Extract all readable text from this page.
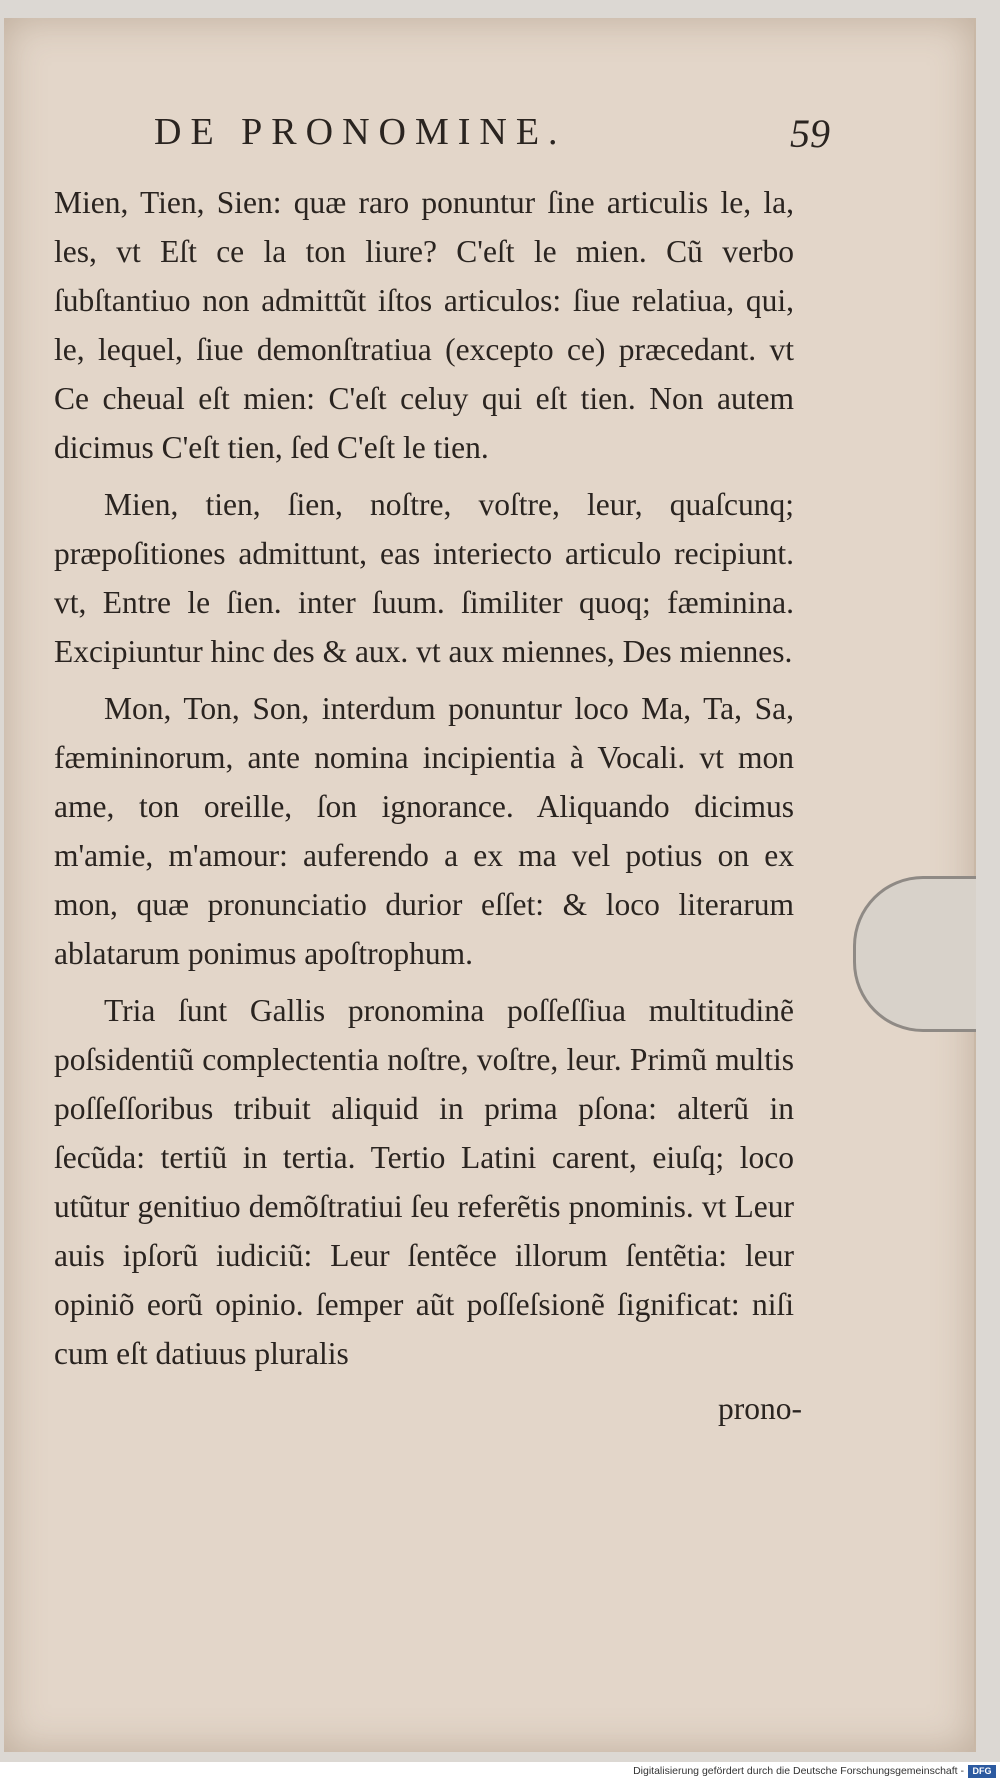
DE PRONOMINE.	59

Mien, Tien, Sien: quæ raro ponuntur ſine articulis le, la, les, vt Eſt ce la ton liure? C'eſt le mien. Cũ verbo ſubſtantiuo non admittũt iſtos articulos: ſiue relatiua, qui, le, lequel, ſiue demonſtratiua (excepto ce) præcedant. vt Ce cheual eſt mien: C'eſt celuy qui eſt tien. Non autem dicimus C'eſt tien, ſed C'eſt le tien.

Mien, tien, ſien, noſtre, voſtre, leur, quaſcunq; præpoſitiones admittunt, eas interiecto articulo recipiunt. vt, Entre le ſien. inter ſuum. ſimiliter quoq; fæminina. Excipiuntur hinc des & aux. vt aux miennes, Des miennes.

Mon, Ton, Son, interdum ponuntur loco Ma, Ta, Sa, fæmininorum, ante nomina incipientia à Vocali. vt mon ame, ton oreille, ſon ignorance. Aliquando dicimus m'amie, m'amour: auferendo a ex ma vel potius on ex mon, quæ pronunciatio durior eſſet: & loco literarum ablatarum ponimus apoſtrophum.

Tria ſunt Gallis pronomina poſſeſſiua multitudinẽ poſsidentiũ complectentia noſtre, voſtre, leur. Primũ multis poſſeſſoribus tribuit aliquid in prima pſona: alterũ in ſecũda: tertiũ in tertia. Tertio Latini carent, eiuſq; loco utũtur genitiuo demõſtratiui ſeu referẽtis pnominis. vt Leur auis ipſorũ iudiciũ: Leur ſentẽce illorum ſentẽtia: leur opiniõ eorũ opinio. ſemper aũt poſſeſsionẽ ſignificat: niſi cum eſt datiuus pluralis

prono-
Digitalisierung gefördert durch die Deutsche Forschungsgemeinschaft - DFG
